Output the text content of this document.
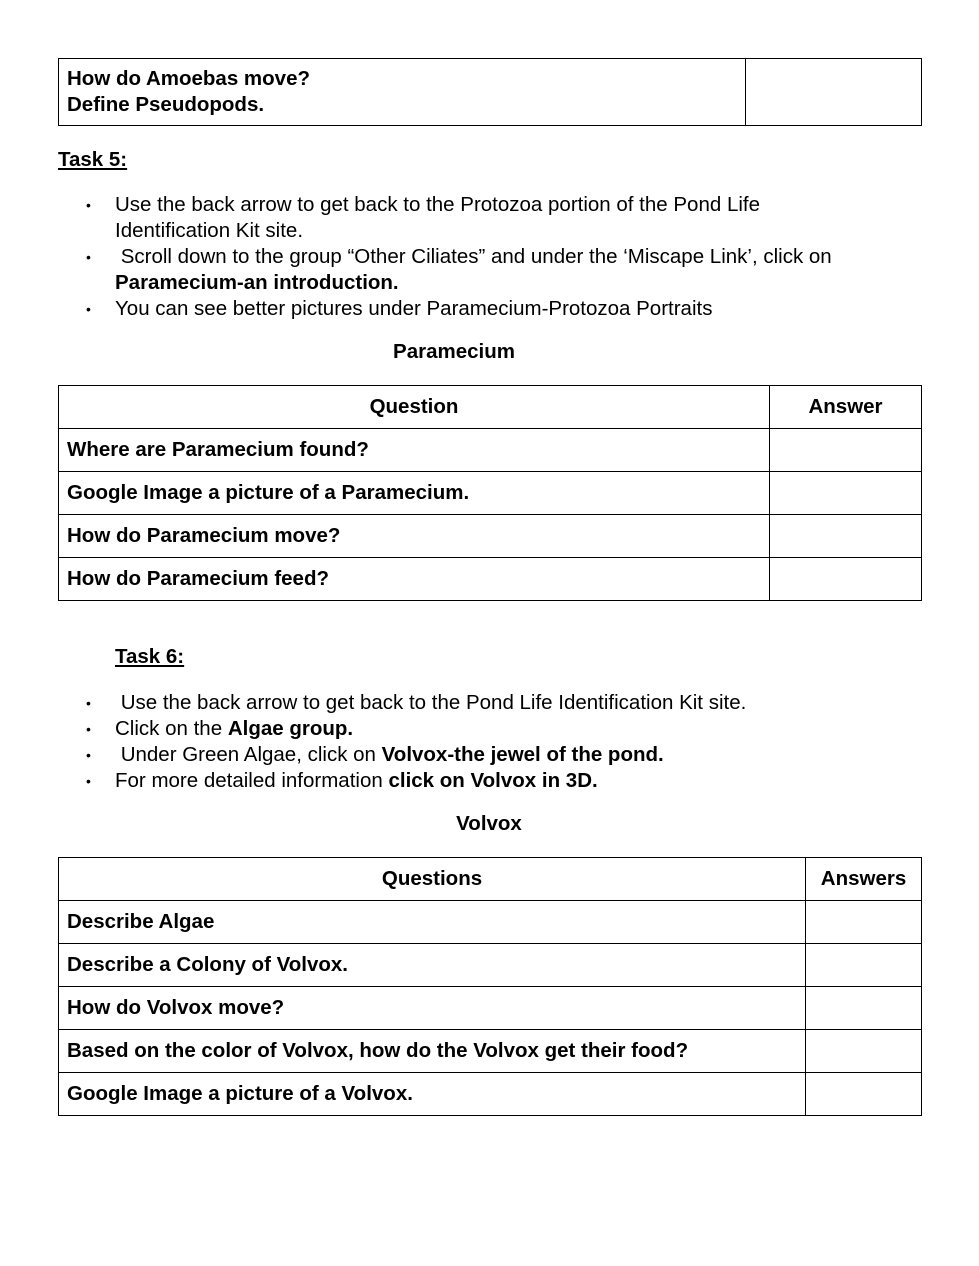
How do Amoebas move?
Define Pseudopods.

Task 5:
• Use the back arrow to get back to the Protozoa portion of the Pond Life
Identification Kit site.
•  Scroll down to the group “Other Ciliates” and under the ‘Miscape Link’, click on
Paramecium-an introduction.
• You can see better pictures under Paramecium-Protozoa Portraits
Paramecium
Question	Answer
Where are Paramecium found?	
Google Image a picture of a Paramecium.	
How do Paramecium move?	
How do Paramecium feed?	
Task 6:
•  Use the back arrow to get back to the Pond Life Identification Kit site.
• Click on the Algae group.
•  Under Green Algae, click on Volvox-the jewel of the pond.
• For more detailed information click on Volvox in 3D.
Volvox
Questions	Answers
Describe Algae	
Describe a Colony of Volvox.	
How do Volvox move?	
Based on the color of Volvox, how do the Volvox get their food?	
Google Image a picture of a Volvox.	
